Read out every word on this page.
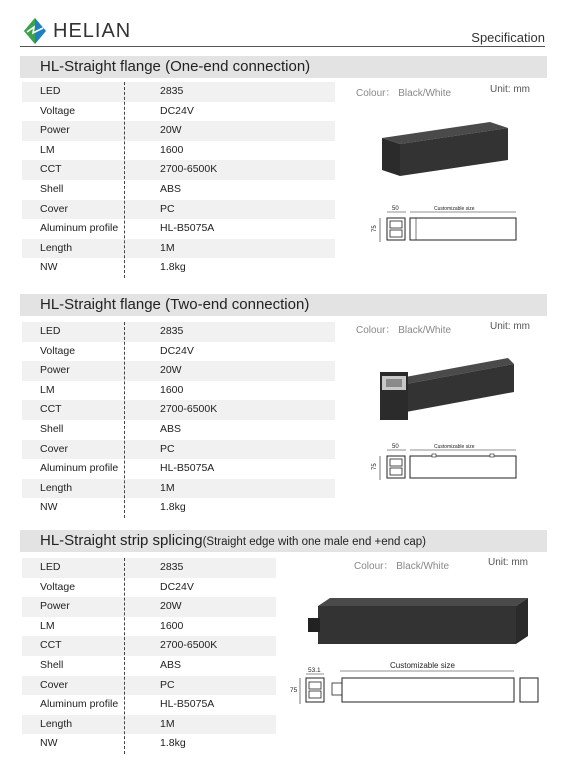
HELIAN	Specification
HL-Straight flange (One-end connection)
LED	2835
Voltage	DC24V
Power	20W
LM	1600
CCT	2700-6500K
Shell	ABS
Cover	PC
Aluminum profile	HL-B5075A
Length	1M
NW	1.8kg
Colour： Black/White	Unit: mm
50	Customizable size
75
HL-Straight flange (Two-end connection)
LED	2835
Voltage	DC24V
Power	20W
LM	1600
CCT	2700-6500K
Shell	ABS
Cover	PC
Aluminum profile	HL-B5075A
Length	1M
NW	1.8kg
Colour： Black/White	Unit: mm
50	Customizable size
75
HL-Straight strip splicing(Straight edge with one male end +end cap)
LED	2835
Voltage	DC24V
Power	20W
LM	1600
CCT	2700-6500K
Shell	ABS
Cover	PC
Aluminum profile	HL-B5075A
Length	1M
NW	1.8kg
Colour： Black/White	Unit: mm
53.1
Customizable size
75
